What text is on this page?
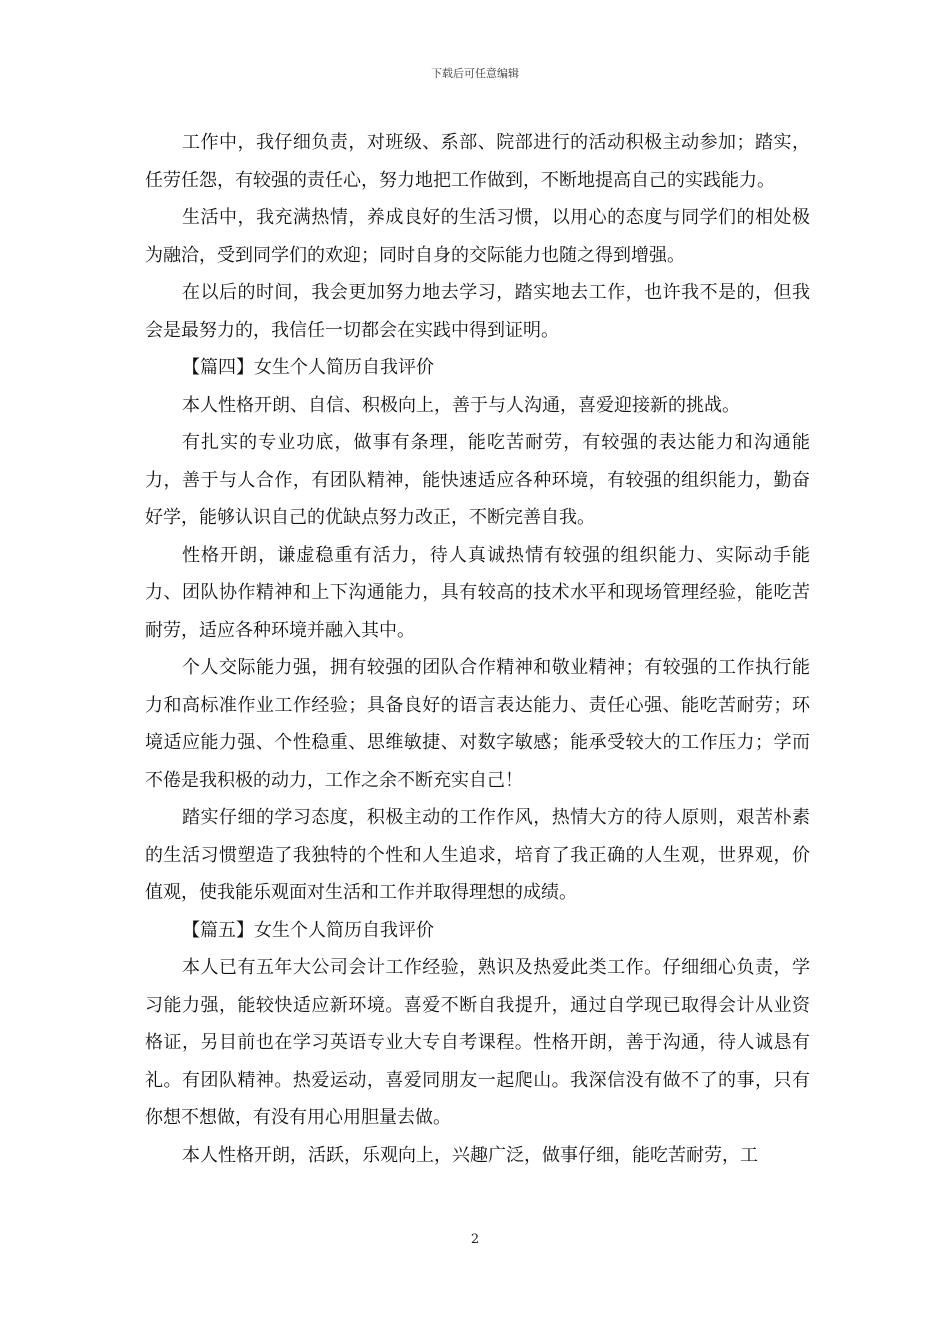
下载后可任意编辑

工作中，我仔细负责，对班级、系部、院部进行的活动积极主动参加；踏实，任劳任怨，有较强的责任心，努力地把工作做到，不断地提高自己的实践能力。

生活中，我充满热情，养成良好的生活习惯，以用心的态度与同学们的相处极为融洽，受到同学们的欢迎；同时自身的交际能力也随之得到增强。

在以后的时间，我会更加努力地去学习，踏实地去工作，也许我不是的，但我会是最努力的，我信任一切都会在实践中得到证明。

【篇四】女生个人简历自我评价

本人性格开朗、自信、积极向上，善于与人沟通，喜爱迎接新的挑战。

有扎实的专业功底，做事有条理，能吃苦耐劳，有较强的表达能力和沟通能力，善于与人合作，有团队精神，能快速适应各种环境，有较强的组织能力，勤奋好学，能够认识自己的优缺点努力改正，不断完善自我。

性格开朗，谦虚稳重有活力，待人真诚热情有较强的组织能力、实际动手能力、团队协作精神和上下沟通能力，具有较高的技术水平和现场管理经验，能吃苦耐劳，适应各种环境并融入其中。

个人交际能力强，拥有较强的团队合作精神和敬业精神；有较强的工作执行能力和高标准作业工作经验；具备良好的语言表达能力、责任心强、能吃苦耐劳；环境适应能力强、个性稳重、思维敏捷、对数字敏感；能承受较大的工作压力；学而不倦是我积极的动力，工作之余不断充实自己！

踏实仔细的学习态度，积极主动的工作作风，热情大方的待人原则，艰苦朴素的生活习惯塑造了我独特的个性和人生追求，培育了我正确的人生观，世界观，价值观，使我能乐观面对生活和工作并取得理想的成绩。

【篇五】女生个人简历自我评价

本人已有五年大公司会计工作经验，熟识及热爱此类工作。仔细细心负责，学习能力强，能较快适应新环境。喜爱不断自我提升，通过自学现已取得会计从业资格证，另目前也在学习英语专业大专自考课程。性格开朗，善于沟通，待人诚恳有礼。有团队精神。热爱运动，喜爱同朋友一起爬山。我深信没有做不了的事，只有你想不想做，有没有用心用胆量去做。

本人性格开朗，活跃，乐观向上，兴趣广泛，做事仔细，能吃苦耐劳，工

2
